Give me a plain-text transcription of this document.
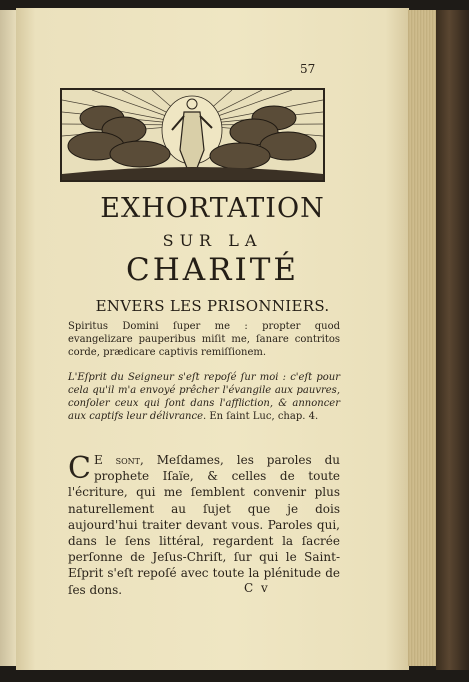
57
EXHORTATION
SUR LA
CHARITÉ
ENVERS LES PRISONNIERS.

Spiritus Domini ſuper me : propter quod evangelizare pauperibus miſit me, ſanare contritos corde, prædicare captivis remiſſionem.

L'Eſprit du Seigneur s'eſt repoſé ſur moi : c'eſt pour cela qu'il m'a envoyé prêcher l'évangile aux pauvres, conſoler ceux qui ſont dans l'affliction, & annoncer aux captifs leur délivrance. En ſaint Luc, chap. 4.

C E ſont, Meſdames, les paroles du prophete Iſaïe, & celles de toute l'écriture, qui me ſemblent convenir plus naturellement au ſujet que je dois aujourd'hui traiter devant vous. Paroles qui, dans le ſens littéral, regardent la ſacrée perſonne de Jeſus-Chriſt, ſur qui le Saint-Eſprit s'eſt repoſé avec toute la plénitude de ſes dons.	C v
